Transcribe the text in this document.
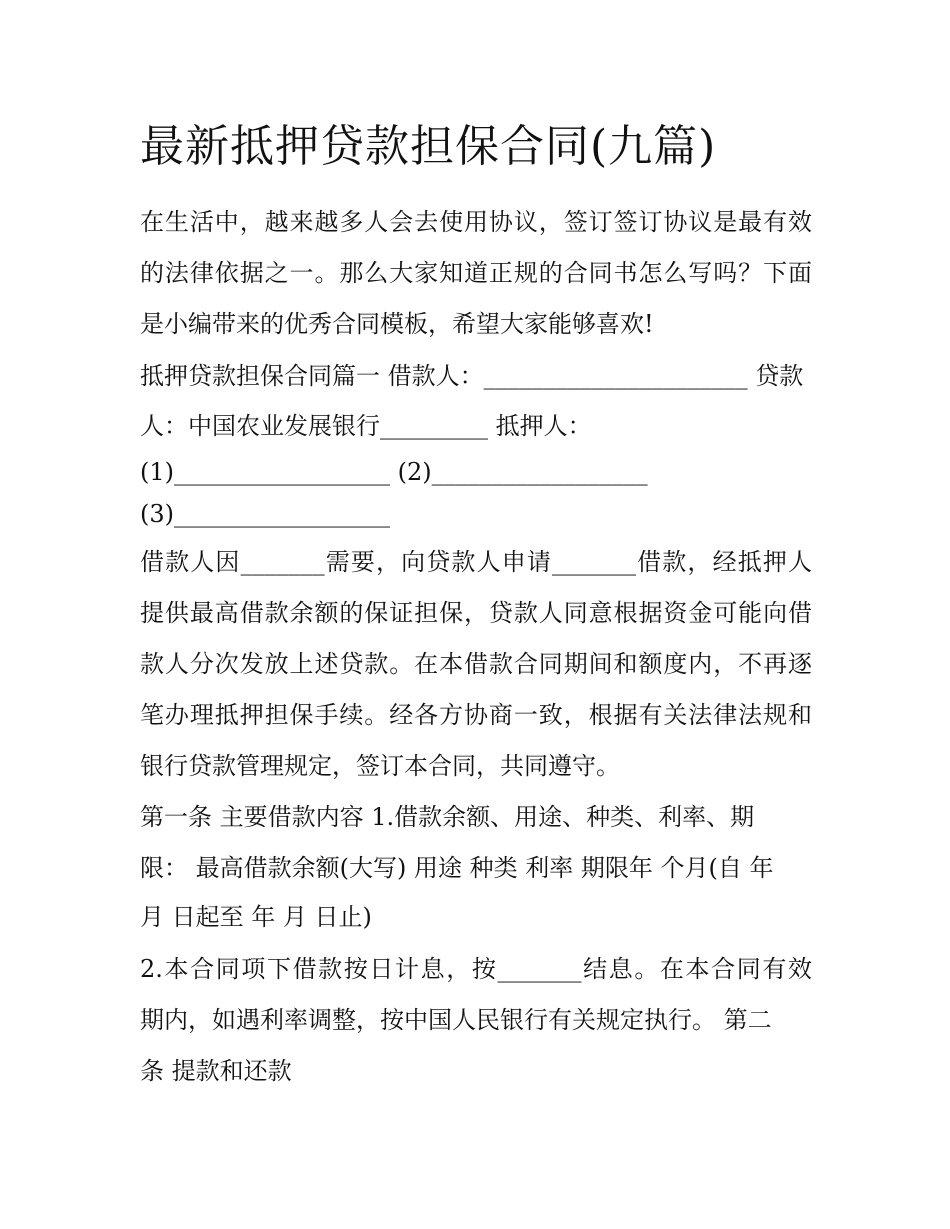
最新抵押贷款担保合同(九篇)

在生活中，越来越多人会去使用协议，签订签订协议是最有效

的法律依据之一。那么大家知道正规的合同书怎么写吗？下面

是小编带来的优秀合同模板，希望大家能够喜欢!

抵押贷款担保合同篇一 借款人：______________________ 贷款

人：中国农业发展银行_________ 抵押人：

(1)__________________ (2)__________________

(3)__________________

借款人因_______需要，向贷款人申请_______借款，经抵押人

提供最高借款余额的保证担保，贷款人同意根据资金可能向借

款人分次发放上述贷款。在本借款合同期间和额度内，不再逐

笔办理抵押担保手续。经各方协商一致，根据有关法律法规和

银行贷款管理规定，签订本合同，共同遵守。

第一条 主要借款内容 1.借款余额、用途、种类、利率、期

限： 最高借款余额(大写) 用途 种类 利率 期限年 个月(自 年

月 日起至 年 月 日止)

2.本合同项下借款按日计息，按_______结息。在本合同有效

期内，如遇利率调整，按中国人民银行有关规定执行。 第二

条 提款和还款
